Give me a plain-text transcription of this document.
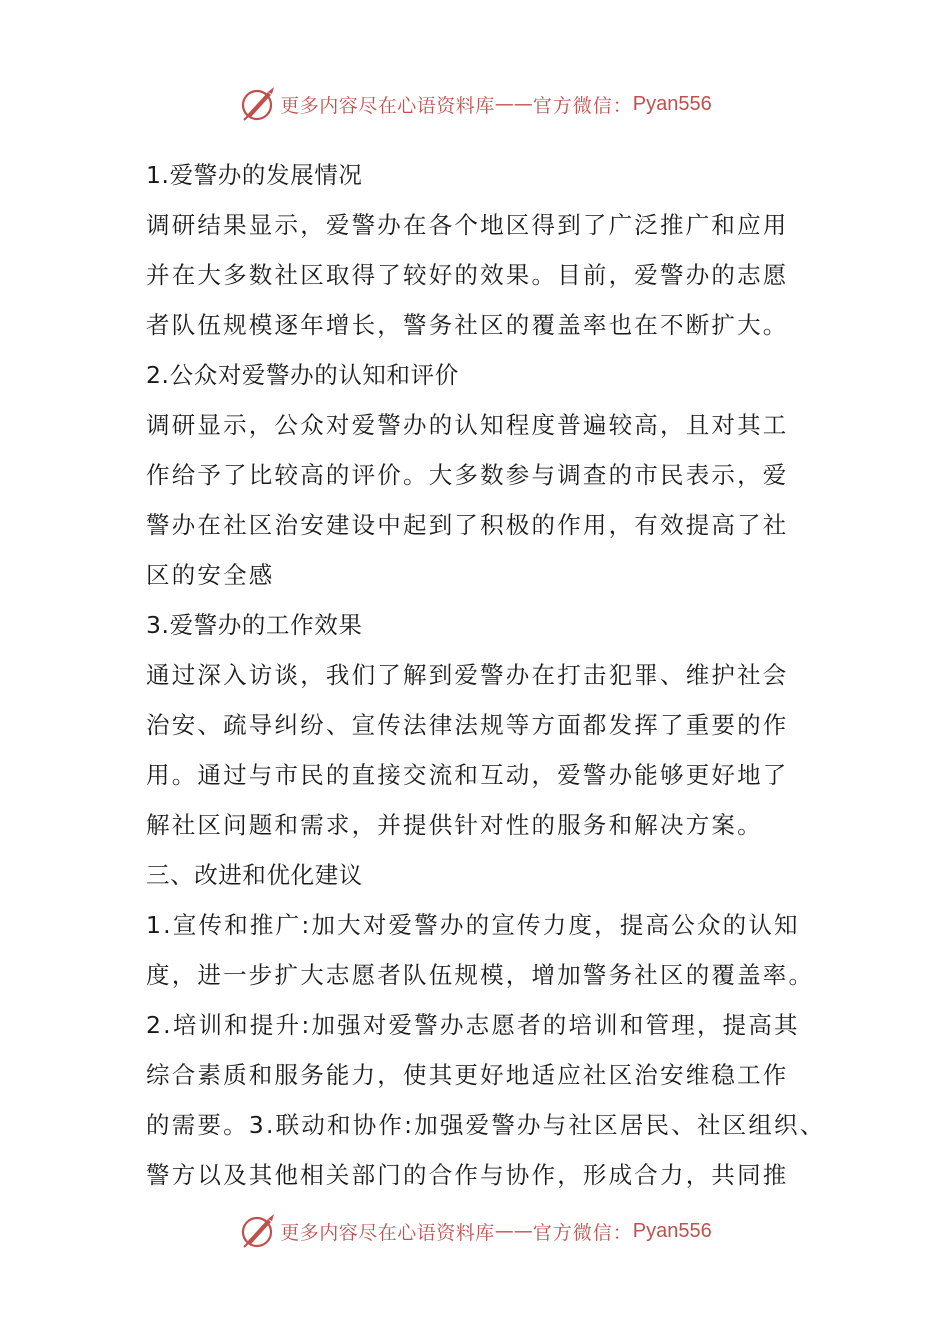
更多内容尽在心语资料库 —— 官方微信： Pyan556
1.爱警办的发展情况
调研结果显示，爱警办在各个地区得到了广泛推广和应用
并在大多数社区取得了较好的效果。目前，爱警办的志愿
者队伍规模逐年增长，警务社区的覆盖率也在不断扩大。
2.公众对爱警办的认知和评价
调研显示，公众对爱警办的认知程度普遍较高，且对其工
作给予了比较高的评价。大多数参与调查的市民表示，爱
警办在社区治安建设中起到了积极的作用，有效提高了社
区的安全感
3.爱警办的工作效果
通过深入访谈，我们了解到爱警办在打击犯罪、维护社会
治安、疏导纠纷、宣传法律法规等方面都发挥了重要的作
用。通过与市民的直接交流和互动，爱警办能够更好地了
解社区问题和需求，并提供针对性的服务和解决方案。
三、改进和优化建议
1.宣传和推广:加大对爱警办的宣传力度，提高公众的认知
度，进一步扩大志愿者队伍规模，增加警务社区的覆盖率。
2.培训和提升:加强对爱警办志愿者的培训和管理，提高其
综合素质和服务能力，使其更好地适应社区治安维稳工作
的需要。3.联动和协作:加强爱警办与社区居民、社区组织、
警方以及其他相关部门的合作与协作，形成合力，共同推
更多内容尽在心语资料库 —— 官方微信： Pyan556
